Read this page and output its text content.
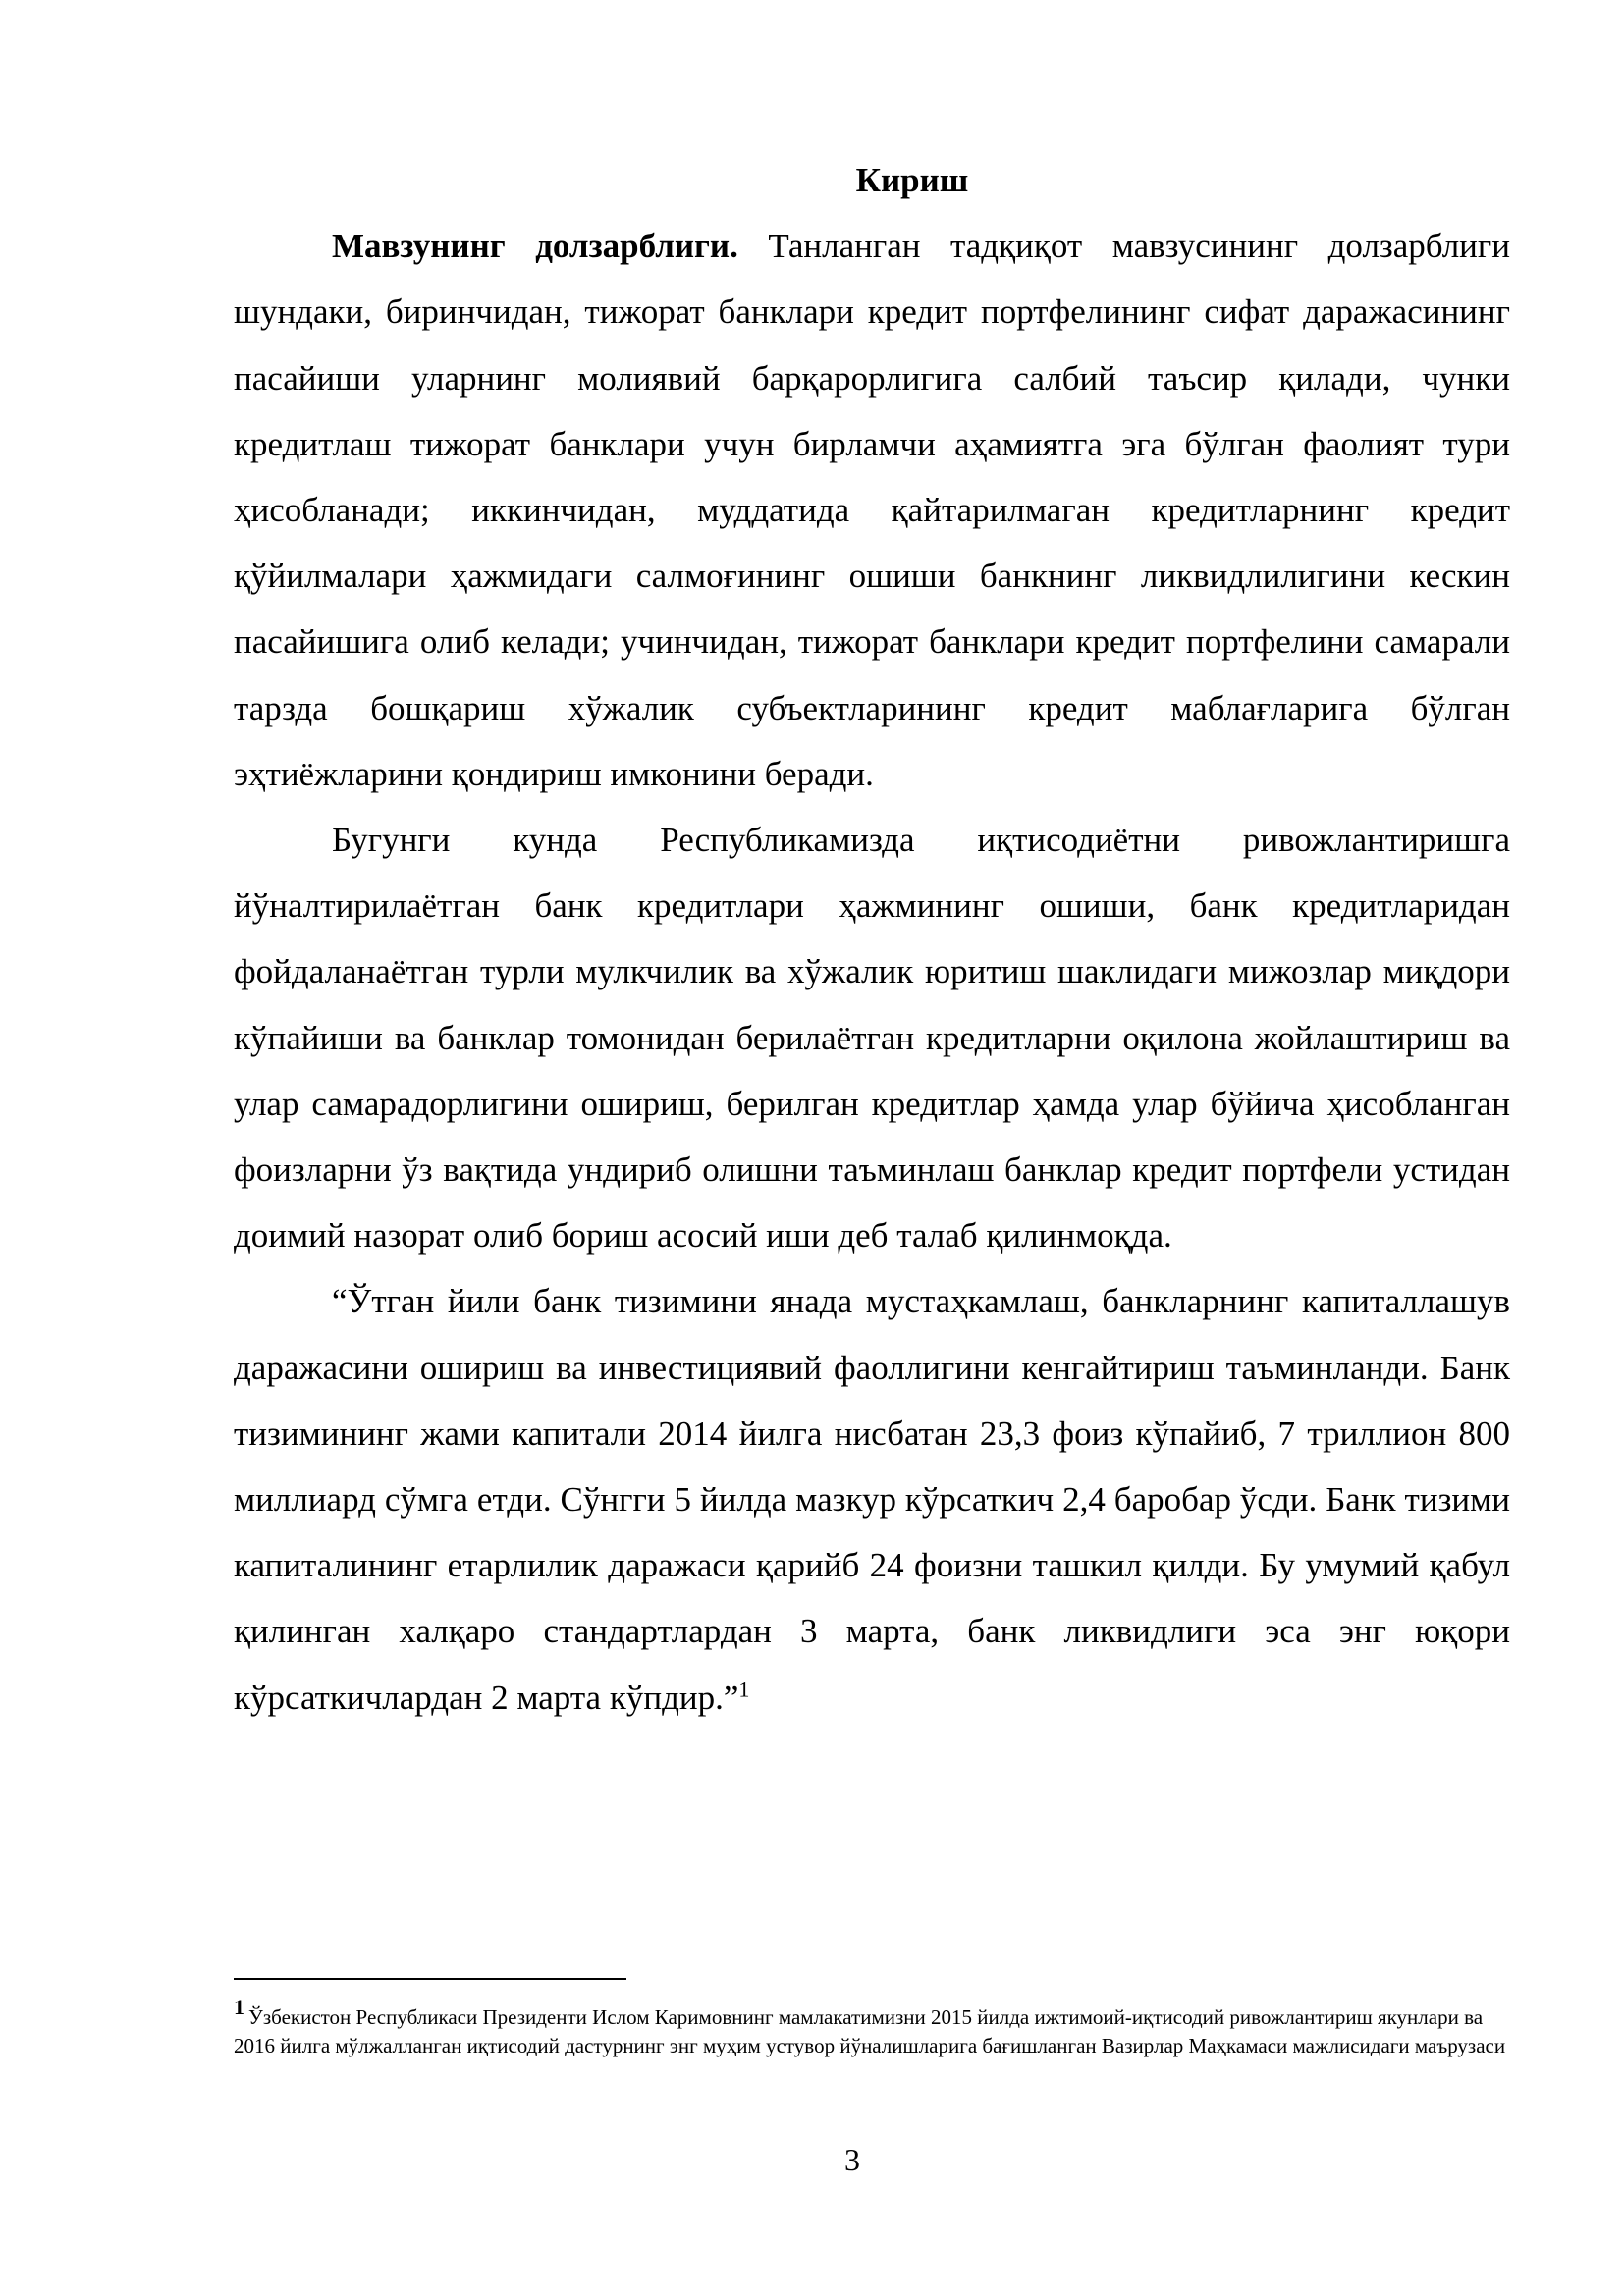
Кириш

Мавзунинг долзарблиги. Танланган тадқиқот мавзусининг долзарблиги шундаки, биринчидан, тижорат банклари кредит портфелининг сифат даражасининг пасайиши уларнинг молиявий барқарорлигига салбий таъсир қилади, чунки кредитлаш тижорат банклари учун бирламчи аҳамиятга эга бўлган фаолият тури ҳисобланади; иккинчидан, муддатида қайтарилмаган кредитларнинг кредит қўйилмалари ҳажмидаги салмоғининг ошиши банкнинг ликвидлилигини кескин пасайишига олиб келади; учинчидан, тижорат банклари кредит портфелини самарали тарзда бошқариш хўжалик субъектларининг кредит маблағларига бўлган эҳтиёжларини қондириш имконини беради.

Бугунги кунда Республикамизда иқтисодиётни ривожлантиришга йўналтирилаётган банк кредитлари ҳажмининг ошиши, банк кредитларидан фойдаланаётган турли мулкчилик ва хўжалик юритиш шаклидаги мижозлар миқдори кўпайиши ва банклар томонидан берилаётган кредитларни оқилона жойлаштириш ва улар самарадорлигини ошириш, берилган кредитлар ҳамда улар бўйича ҳисобланган фоизларни ўз вақтида ундириб олишни таъминлаш банклар кредит портфели устидан доимий назорат олиб бориш асосий иши деб талаб қилинмоқда.

“Ўтган йили банк тизимини янада мустаҳкамлаш, банкларнинг капиталлашув даражасини ошириш ва инвестициявий фаоллигини кенгайтириш таъминланди. Банк тизимининг жами капитали 2014 йилга нисбатан 23,3 фоиз кўпайиб, 7 триллион 800 миллиард сўмга етди. Сўнгги 5 йилда мазкур кўрсаткич 2,4 баробар ўсди. Банк тизими капиталининг етарлилик даражаси қарийб 24 фоизни ташкил қилди. Бу умумий қабул қилинган халқаро стандартлардан 3 марта, банк ликвидлиги эса энг юқори кўрсаткичлардан 2 марта кўпдир.”$^1$

1 Ўзбекистон Республикаси Президенти Ислом Каримовнинг мамлакатимизни 2015 йилда ижтимоий-иқтисодий ривожлантириш якунлари ва 2016 йилга мўлжалланган иқтисодий дастурнинг энг муҳим устувор йўналишларига бағишланган Вазирлар Маҳкамаси мажлисидаги маърузаси
3
